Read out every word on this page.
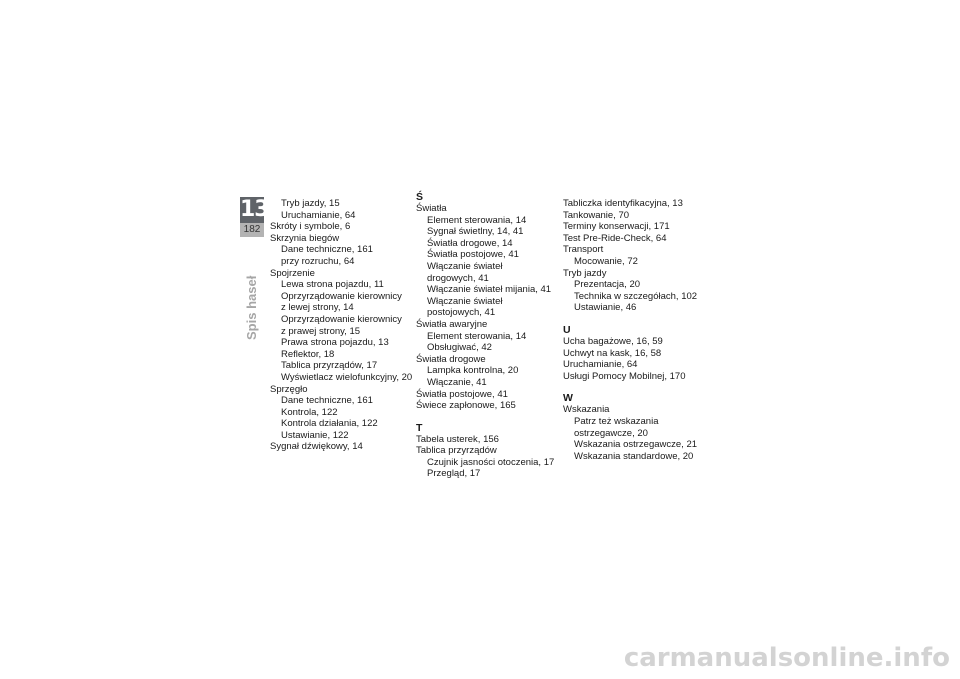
13
182
Spis haseł
Tryb jazdy, 15
Uruchamianie, 64
Skróty i symbole, 6
Skrzynia biegów
Dane techniczne, 161
przy rozruchu, 64
Spojrzenie
Lewa strona pojazdu, 11
Oprzyrządowanie kierownicy
z lewej strony, 14
Oprzyrządowanie kierownicy
z prawej strony, 15
Prawa strona pojazdu, 13
Reflektor, 18
Tablica przyrządów, 17
Wyświetlacz wielofunkcyjny, 20
Sprzęgło
Dane techniczne, 161
Kontrola, 122
Kontrola działania, 122
Ustawianie, 122
Sygnał dźwiękowy, 14
Ś
Światła
Element sterowania, 14
Sygnał świetlny, 14, 41
Światła drogowe, 14
Światła postojowe, 41
Włączanie świateł
drogowych, 41
Włączanie świateł mijania, 41
Włączanie świateł
postojowych, 41
Światła awaryjne
Element sterowania, 14
Obsługiwać, 42
Światła drogowe
Lampka kontrolna, 20
Włączanie, 41
Światła postojowe, 41
Świece zapłonowe, 165
T
Tabela usterek, 156
Tablica przyrządów
Czujnik jasności otoczenia, 17
Przegląd, 17
Tabliczka identyfikacyjna, 13
Tankowanie, 70
Terminy konserwacji, 171
Test Pre-Ride-Check, 64
Transport
Mocowanie, 72
Tryb jazdy
Prezentacja, 20
Technika w szczegółach, 102
Ustawianie, 46
U
Ucha bagażowe, 16, 59
Uchwyt na kask, 16, 58
Uruchamianie, 64
Usługi Pomocy Mobilnej, 170
W
Wskazania
Patrz też wskazania
ostrzegawcze, 20
Wskazania ostrzegawcze, 21
Wskazania standardowe, 20
carmanualsonline.info
